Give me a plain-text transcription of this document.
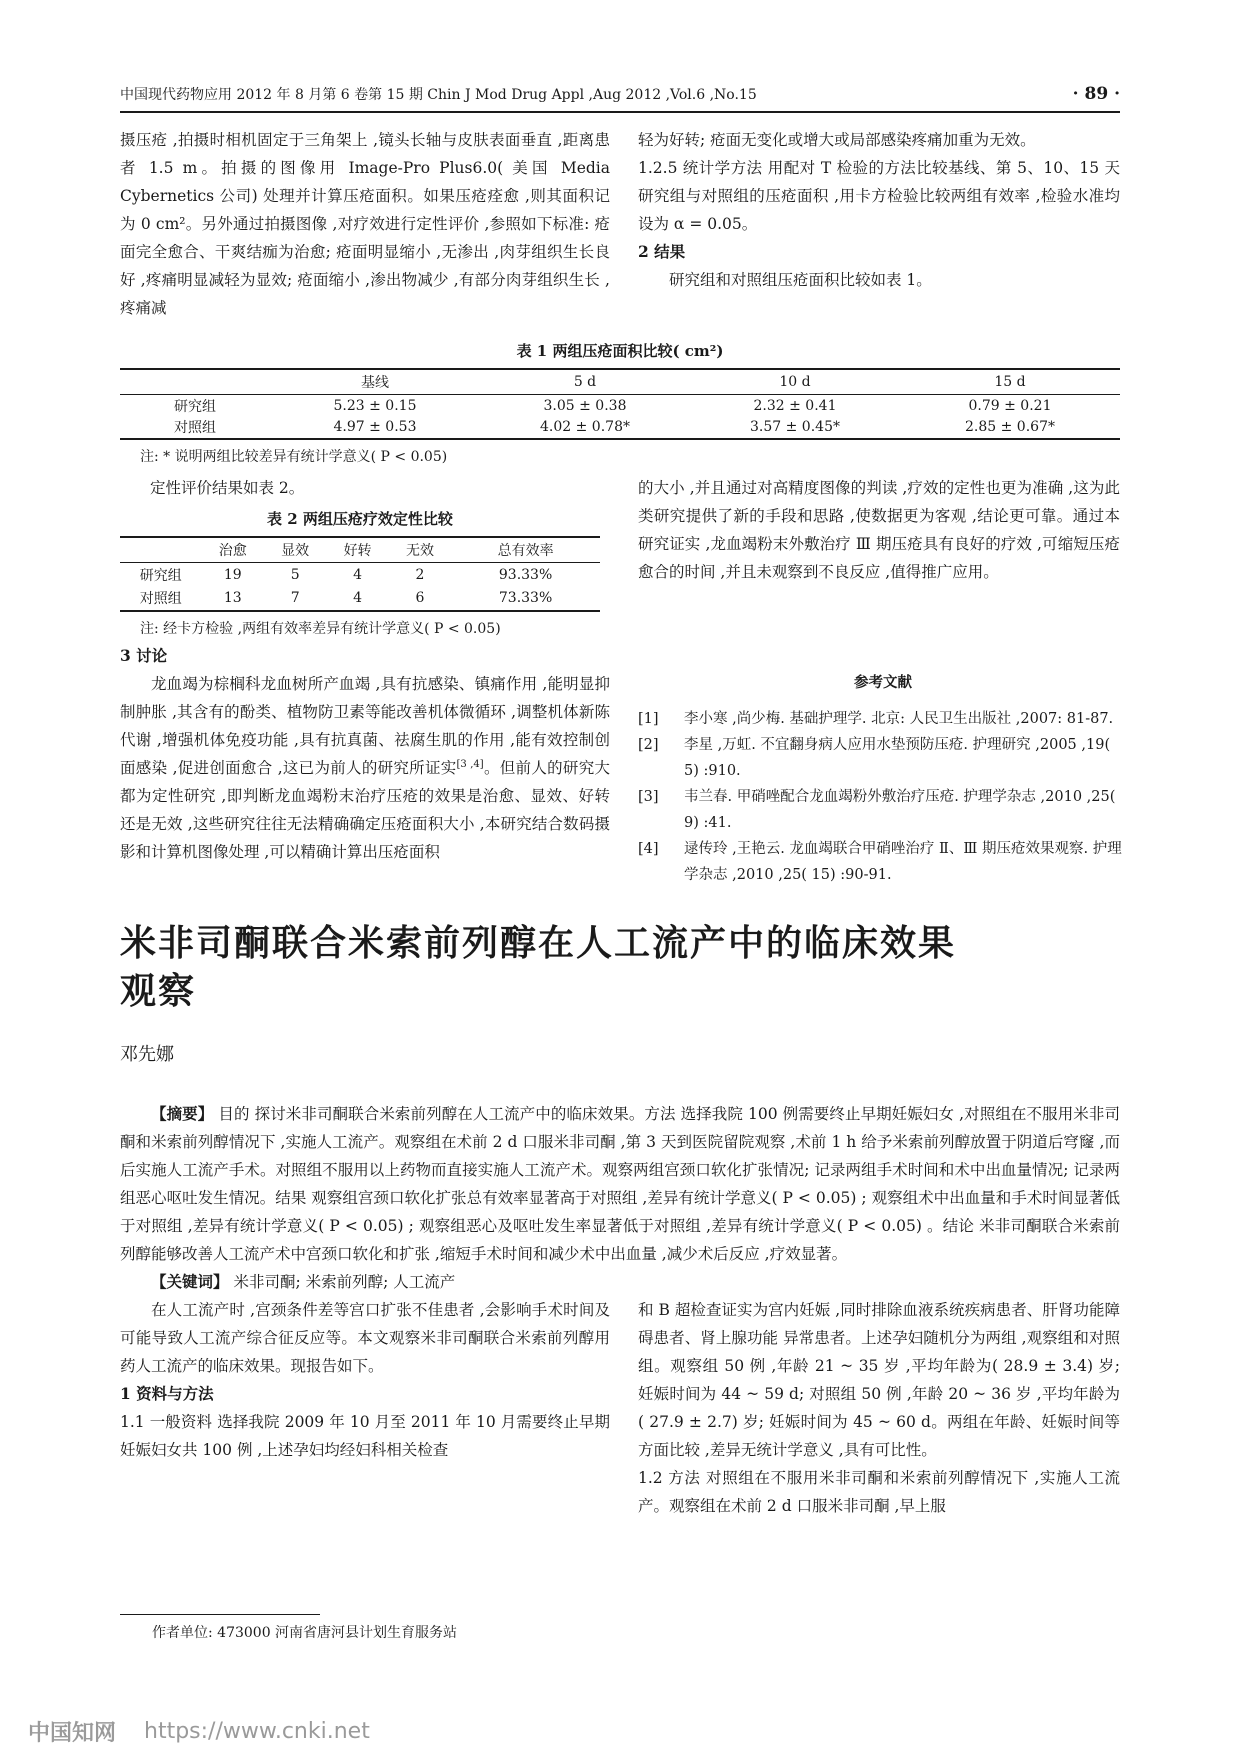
中国现代药物应用 2012 年 8 月第 6 卷第 15 期 Chin J Mod Drug Appl ,Aug 2012 ,Vol.6 ,No.15	· 89 ·

摄压疮 ,拍摄时相机固定于三角架上 ,镜头长轴与皮肤表面垂直 ,距离患者 1.5 m。拍摄的图像用 Image-Pro Plus6.0( 美国 Media Cybernetics 公司) 处理并计算压疮面积。如果压疮痊愈 ,则其面积记为 0 cm²。另外通过拍摄图像 ,对疗效进行定性评价 ,参照如下标准: 疮面完全愈合、干爽结痂为治愈; 疮面明显缩小 ,无渗出 ,肉芽组织生长良好 ,疼痛明显减轻为显效; 疮面缩小 ,渗出物减少 ,有部分肉芽组织生长 ,疼痛减

轻为好转; 疮面无变化或增大或局部感染疼痛加重为无效。

1.2.5 统计学方法 用配对 T 检验的方法比较基线、第 5、10、15 天研究组与对照组的压疮面积 ,用卡方检验比较两组有效率 ,检验水准均设为 α = 0.05。

2 结果

研究组和对照组压疮面积比较如表 1。

表 1 两组压疮面积比较( cm²)
	基线	5 d	10 d	15 d
研究组	5.23 ± 0.15	3.05 ± 0.38	2.32 ± 0.41	0.79 ± 0.21
对照组	4.97 ± 0.53	4.02 ± 0.78*	3.57 ± 0.45*	2.85 ± 0.67*
注: * 说明两组比较差异有统计学意义( P < 0.05)

定性评价结果如表 2。

表 2 两组压疮疗效定性比较
	治愈	显效	好转	无效	总有效率
研究组	19	5	4	2	93.33%
对照组	13	7	4	6	73.33%
注: 经卡方检验 ,两组有效率差异有统计学意义( P < 0.05)

3 讨论

龙血竭为棕榈科龙血树所产血竭 ,具有抗感染、镇痛作用 ,能明显抑制肿胀 ,其含有的酚类、植物防卫素等能改善机体微循环 ,调整机体新陈代谢 ,增强机体免疫功能 ,具有抗真菌、祛腐生肌的作用 ,能有效控制创面感染 ,促进创面愈合 ,这已为前人的研究所证实[3 ,4]。但前人的研究大都为定性研究 ,即判断龙血竭粉末治疗压疮的效果是治愈、显效、好转还是无效 ,这些研究往往无法精确确定压疮面积大小 ,本研究结合数码摄影和计算机图像处理 ,可以精确计算出压疮面积

的大小 ,并且通过对高精度图像的判读 ,疗效的定性也更为准确 ,这为此类研究提供了新的手段和思路 ,使数据更为客观 ,结论更可靠。通过本研究证实 ,龙血竭粉末外敷治疗 Ⅲ 期压疮具有良好的疗效 ,可缩短压疮愈合的时间 ,并且未观察到不良反应 ,值得推广应用。

参考文献
[1]	李小寒 ,尚少梅. 基础护理学. 北京: 人民卫生出版社 ,2007: 81-87.
[2]	李星 ,万虹. 不宜翻身病人应用水垫预防压疮. 护理研究 ,2005 ,19( 5) :910.
[3]	韦兰春. 甲硝唑配合龙血竭粉外敷治疗压疮. 护理学杂志 ,2010 ,25( 9) :41.
[4]	逯传玲 ,王艳云. 龙血竭联合甲硝唑治疗 Ⅱ、Ⅲ 期压疮效果观察. 护理学杂志 ,2010 ,25( 15) :90-91.
米非司酮联合米索前列醇在人工流产中的临床效果观察
邓先娜

【摘要】 目的 探讨米非司酮联合米索前列醇在人工流产中的临床效果。方法 选择我院 100 例需要终止早期妊娠妇女 ,对照组在不服用米非司酮和米索前列醇情况下 ,实施人工流产。观察组在术前 2 d 口服米非司酮 ,第 3 天到医院留院观察 ,术前 1 h 给予米索前列醇放置于阴道后穹窿 ,而后实施人工流产手术。对照组不服用以上药物而直接实施人工流产术。观察两组宫颈口软化扩张情况; 记录两组手术时间和术中出血量情况; 记录两组恶心呕吐发生情况。结果 观察组宫颈口软化扩张总有效率显著高于对照组 ,差异有统计学意义( P < 0.05) ; 观察组术中出血量和手术时间显著低于对照组 ,差异有统计学意义( P < 0.05) ; 观察组恶心及呕吐发生率显著低于对照组 ,差异有统计学意义( P < 0.05) 。结论 米非司酮联合米索前列醇能够改善人工流产术中宫颈口软化和扩张 ,缩短手术时间和减少术中出血量 ,减少术后反应 ,疗效显著。

【关键词】 米非司酮; 米索前列醇; 人工流产

在人工流产时 ,宫颈条件差等宫口扩张不佳患者 ,会影响手术时间及可能导致人工流产综合征反应等。本文观察米非司酮联合米索前列醇用药人工流产的临床效果。现报告如下。

1 资料与方法

1.1 一般资料 选择我院 2009 年 10 月至 2011 年 10 月需要终止早期妊娠妇女共 100 例 ,上述孕妇均经妇科相关检查

和 B 超检查证实为宫内妊娠 ,同时排除血液系统疾病患者、肝肾功能障碍患者、肾上腺功能 异常患者。上述孕妇随机分为两组 ,观察组和对照组。观察组 50 例 ,年龄 21 ~ 35 岁 ,平均年龄为( 28.9 ± 3.4) 岁; 妊娠时间为 44 ~ 59 d; 对照组 50 例 ,年龄 20 ~ 36 岁 ,平均年龄为( 27.9 ± 2.7) 岁; 妊娠时间为 45 ~ 60 d。两组在年龄、妊娠时间等方面比较 ,差异无统计学意义 ,具有可比性。

1.2 方法 对照组在不服用米非司酮和米索前列醇情况下 ,实施人工流产。观察组在术前 2 d 口服米非司酮 ,早上服

作者单位: 473000 河南省唐河县计划生育服务站
中国知网 https://www.cnki.net
